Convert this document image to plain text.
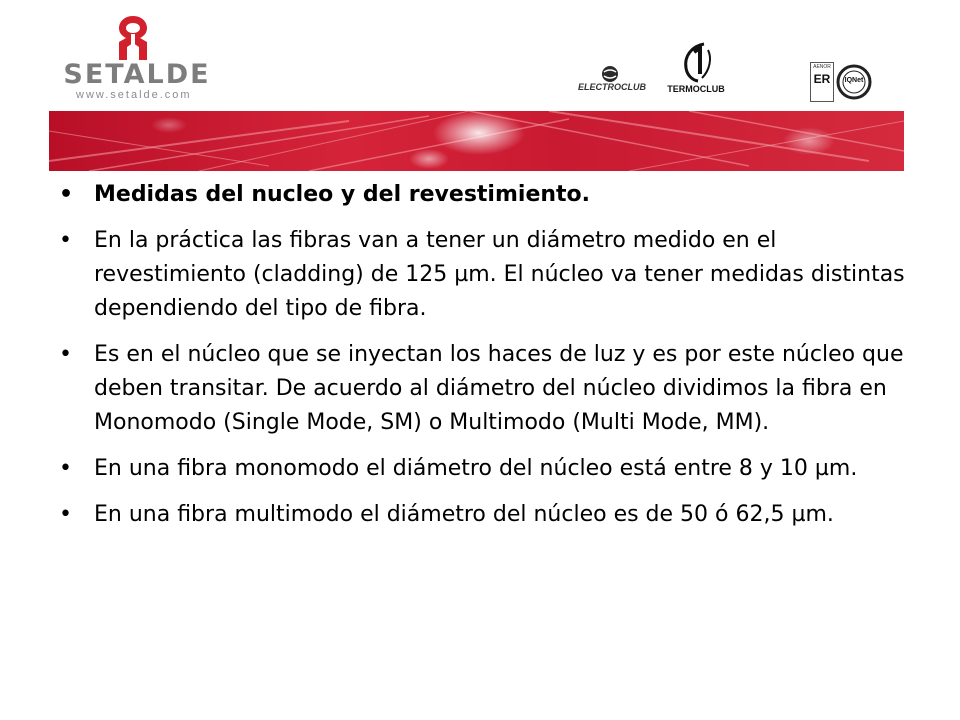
SETALDE
www.setalde.com
ELECTROCLUB	TERMOCLUB
AENOR
ER	IQNet
• Medidas del nucleo y del revestimiento.
• En la práctica las fibras van a tener un diámetro medido en el revestimiento (cladding) de 125 µm. El núcleo va tener medidas distintas dependiendo del tipo de fibra.
• Es en el núcleo que se inyectan los haces de luz y es por este núcleo que deben transitar. De acuerdo al diámetro del núcleo dividimos la fibra en Monomodo (Single Mode, SM) o Multimodo (Multi Mode, MM).
• En una fibra monomodo el diámetro del núcleo está entre 8 y 10 µm.
• En una fibra multimodo el diámetro del núcleo es de 50 ó 62,5 µm.
